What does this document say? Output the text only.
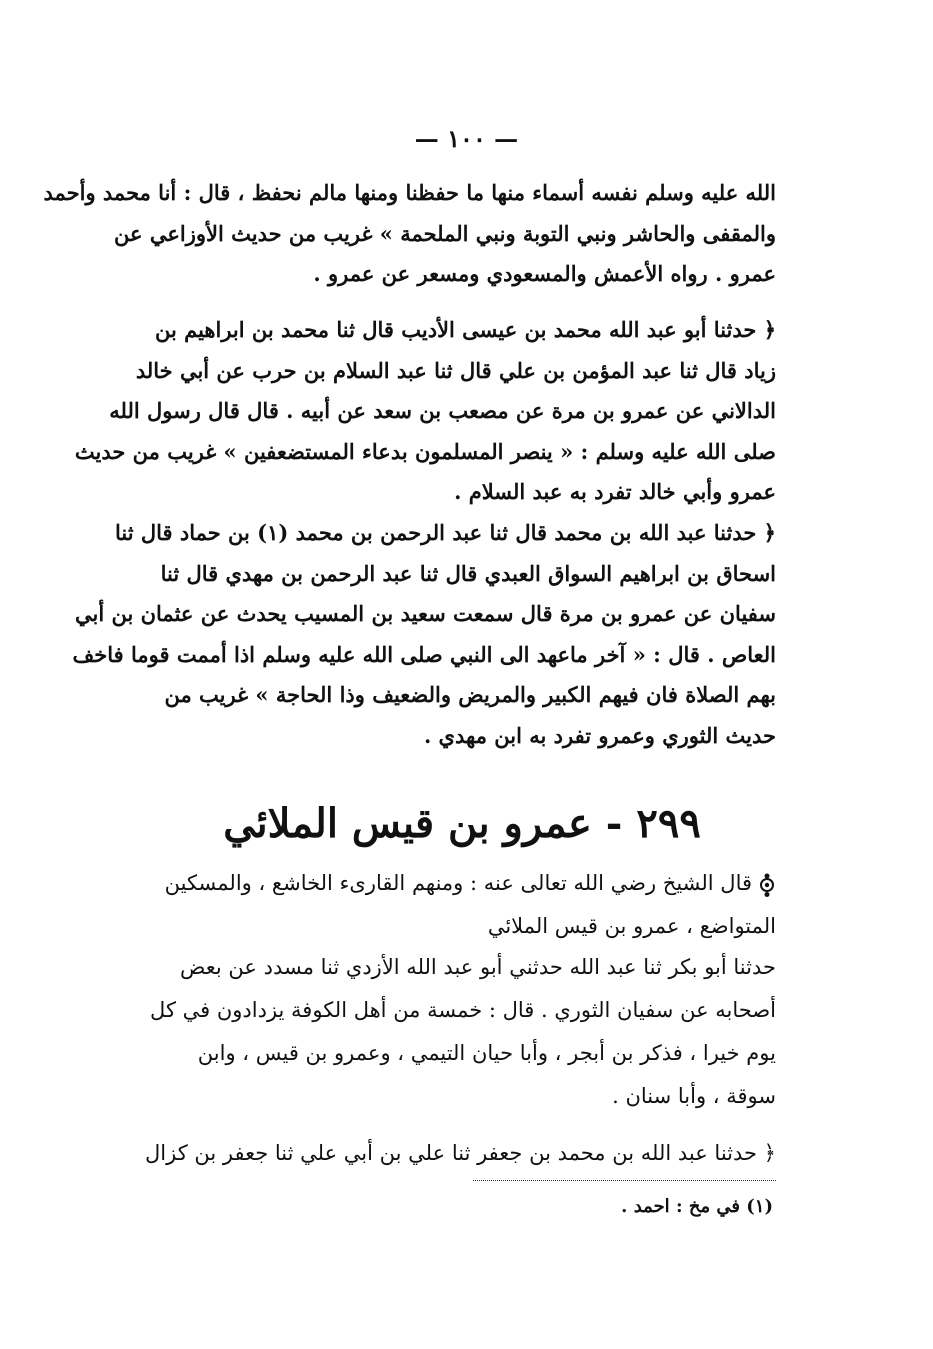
— ١٠٠ —
الله عليه وسلم نفسه أسماء منها ما حفظنا ومنها مالم نحفظ ، قال : أنا محمد وأحمد
والمقفى والحاشر ونبي التوبة ونبي الملحمة » غريب من حديث الأوزاعي عن
عمرو . رواه الأعمش والمسعودي ومسعر عن عمرو .
﴿ حدثنا أبو عبد الله محمد بن عيسى الأديب قال ثنا محمد بن ابراهيم بن
زياد قال ثنا عبد المؤمن بن علي قال ثنا عبد السلام بن حرب عن أبي خالد
الدالاني عن عمرو بن مرة عن مصعب بن سعد عن أبيه . قال قال رسول الله
صلى الله عليه وسلم : « ينصر المسلمون بدعاء المستضعفين » غريب من حديث
عمرو وأبي خالد تفرد به عبد السلام .
﴿ حدثنا عبد الله بن محمد قال ثنا عبد الرحمن بن محمد (١) بن حماد قال ثنا
اسحاق بن ابراهيم السواق العبدي قال ثنا عبد الرحمن بن مهدي قال ثنا
سفيان عن عمرو بن مرة قال سمعت سعيد بن المسيب يحدث عن عثمان بن أبي
العاص . قال : « آخر ماعهد الى النبي صلى الله عليه وسلم اذا أممت قوما فاخف
بهم الصلاة فان فيهم الكبير والمريض والضعيف وذا الحاجة » غريب من
حديث الثوري وعمرو تفرد به ابن مهدي .
٢٩٩ - عمرو بن قيس الملائي
قال الشيخ رضي الله تعالى عنه : ومنهم القارىء الخاشع ، والمسكين
المتواضع ، عمرو بن قيس الملائي
حدثنا أبو بكر ثنا عبد الله حدثني أبو عبد الله الأزدي ثنا مسدد عن بعض
أصحابه عن سفيان الثوري . قال : خمسة من أهل الكوفة يزدادون في كل
يوم خيرا ، فذكر بن أبجر ، وأبا حيان التيمي ، وعمرو بن قيس ، وابن
سوقة ، وأبا سنان .
﴿ حدثنا عبد الله بن محمد بن جعفر ثنا علي بن أبي علي ثنا جعفر بن كزال
(١) في مخ : احمد .
